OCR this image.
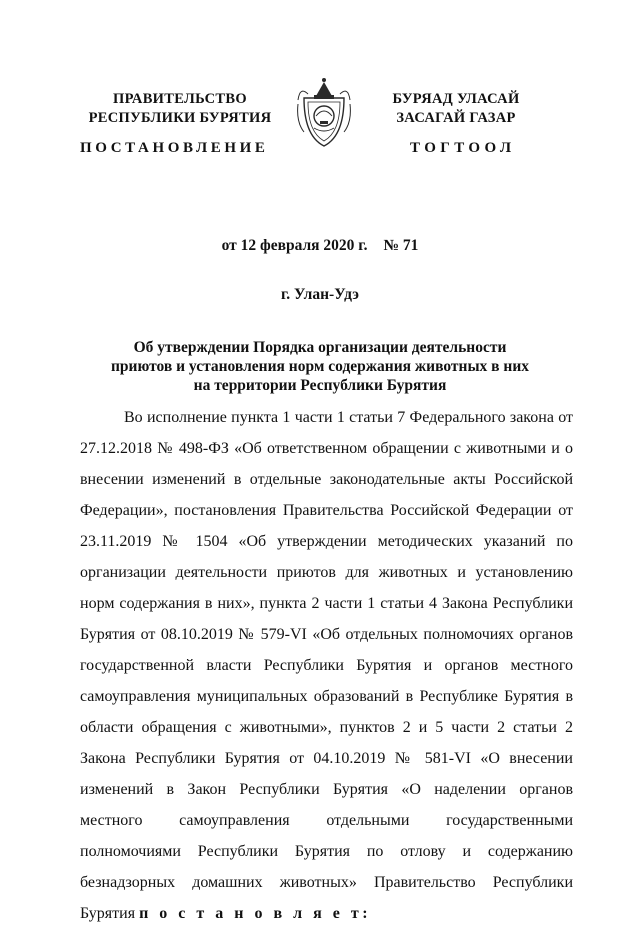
ПРАВИТЕЛЬСТВО
РЕСПУБЛИКИ БУРЯТИЯ
БУРЯАД УЛАСАЙ
ЗАСАГАЙ ГАЗАР
ПОСТАНОВЛЕНИЕ	ТОГТООЛ
от 12 февраля 2020 г. № 71
г. Улан-Удэ
Об утверждении Порядка организации деятельности
приютов и установления норм содержания животных в них
на территории Республики Бурятия

Во исполнение пункта 1 части 1 статьи 7 Федерального закона от 27.12.2018 № 498-ФЗ «Об ответственном обращении с животными и о внесении изменений в отдельные законодательные акты Российской Федерации», постановления Правительства Российской Федерации от 23.11.2019 № 1504 «Об утверждении методических указаний по организации деятельности приютов для животных и установлению норм содержания в них», пункта 2 части 1 статьи 4 Закона Республики Бурятия от 08.10.2019 № 579-VI «Об отдельных полномочиях органов государственной власти Республики Бурятия и органов местного самоуправления муниципальных образований в Республике Бурятия в области обращения с животными», пунктов 2 и 5 части 2 статьи 2 Закона Республики Бурятия от 04.10.2019 № 581-VI «О внесении изменений в Закон Республики Бурятия «О наделении органов местного самоуправления отдельными государственными полномочиями Республики Бурятия по отлову и содержанию безнадзорных домашних животных» Правительство Республики Бурятия п о с т а н о в л я е т:
